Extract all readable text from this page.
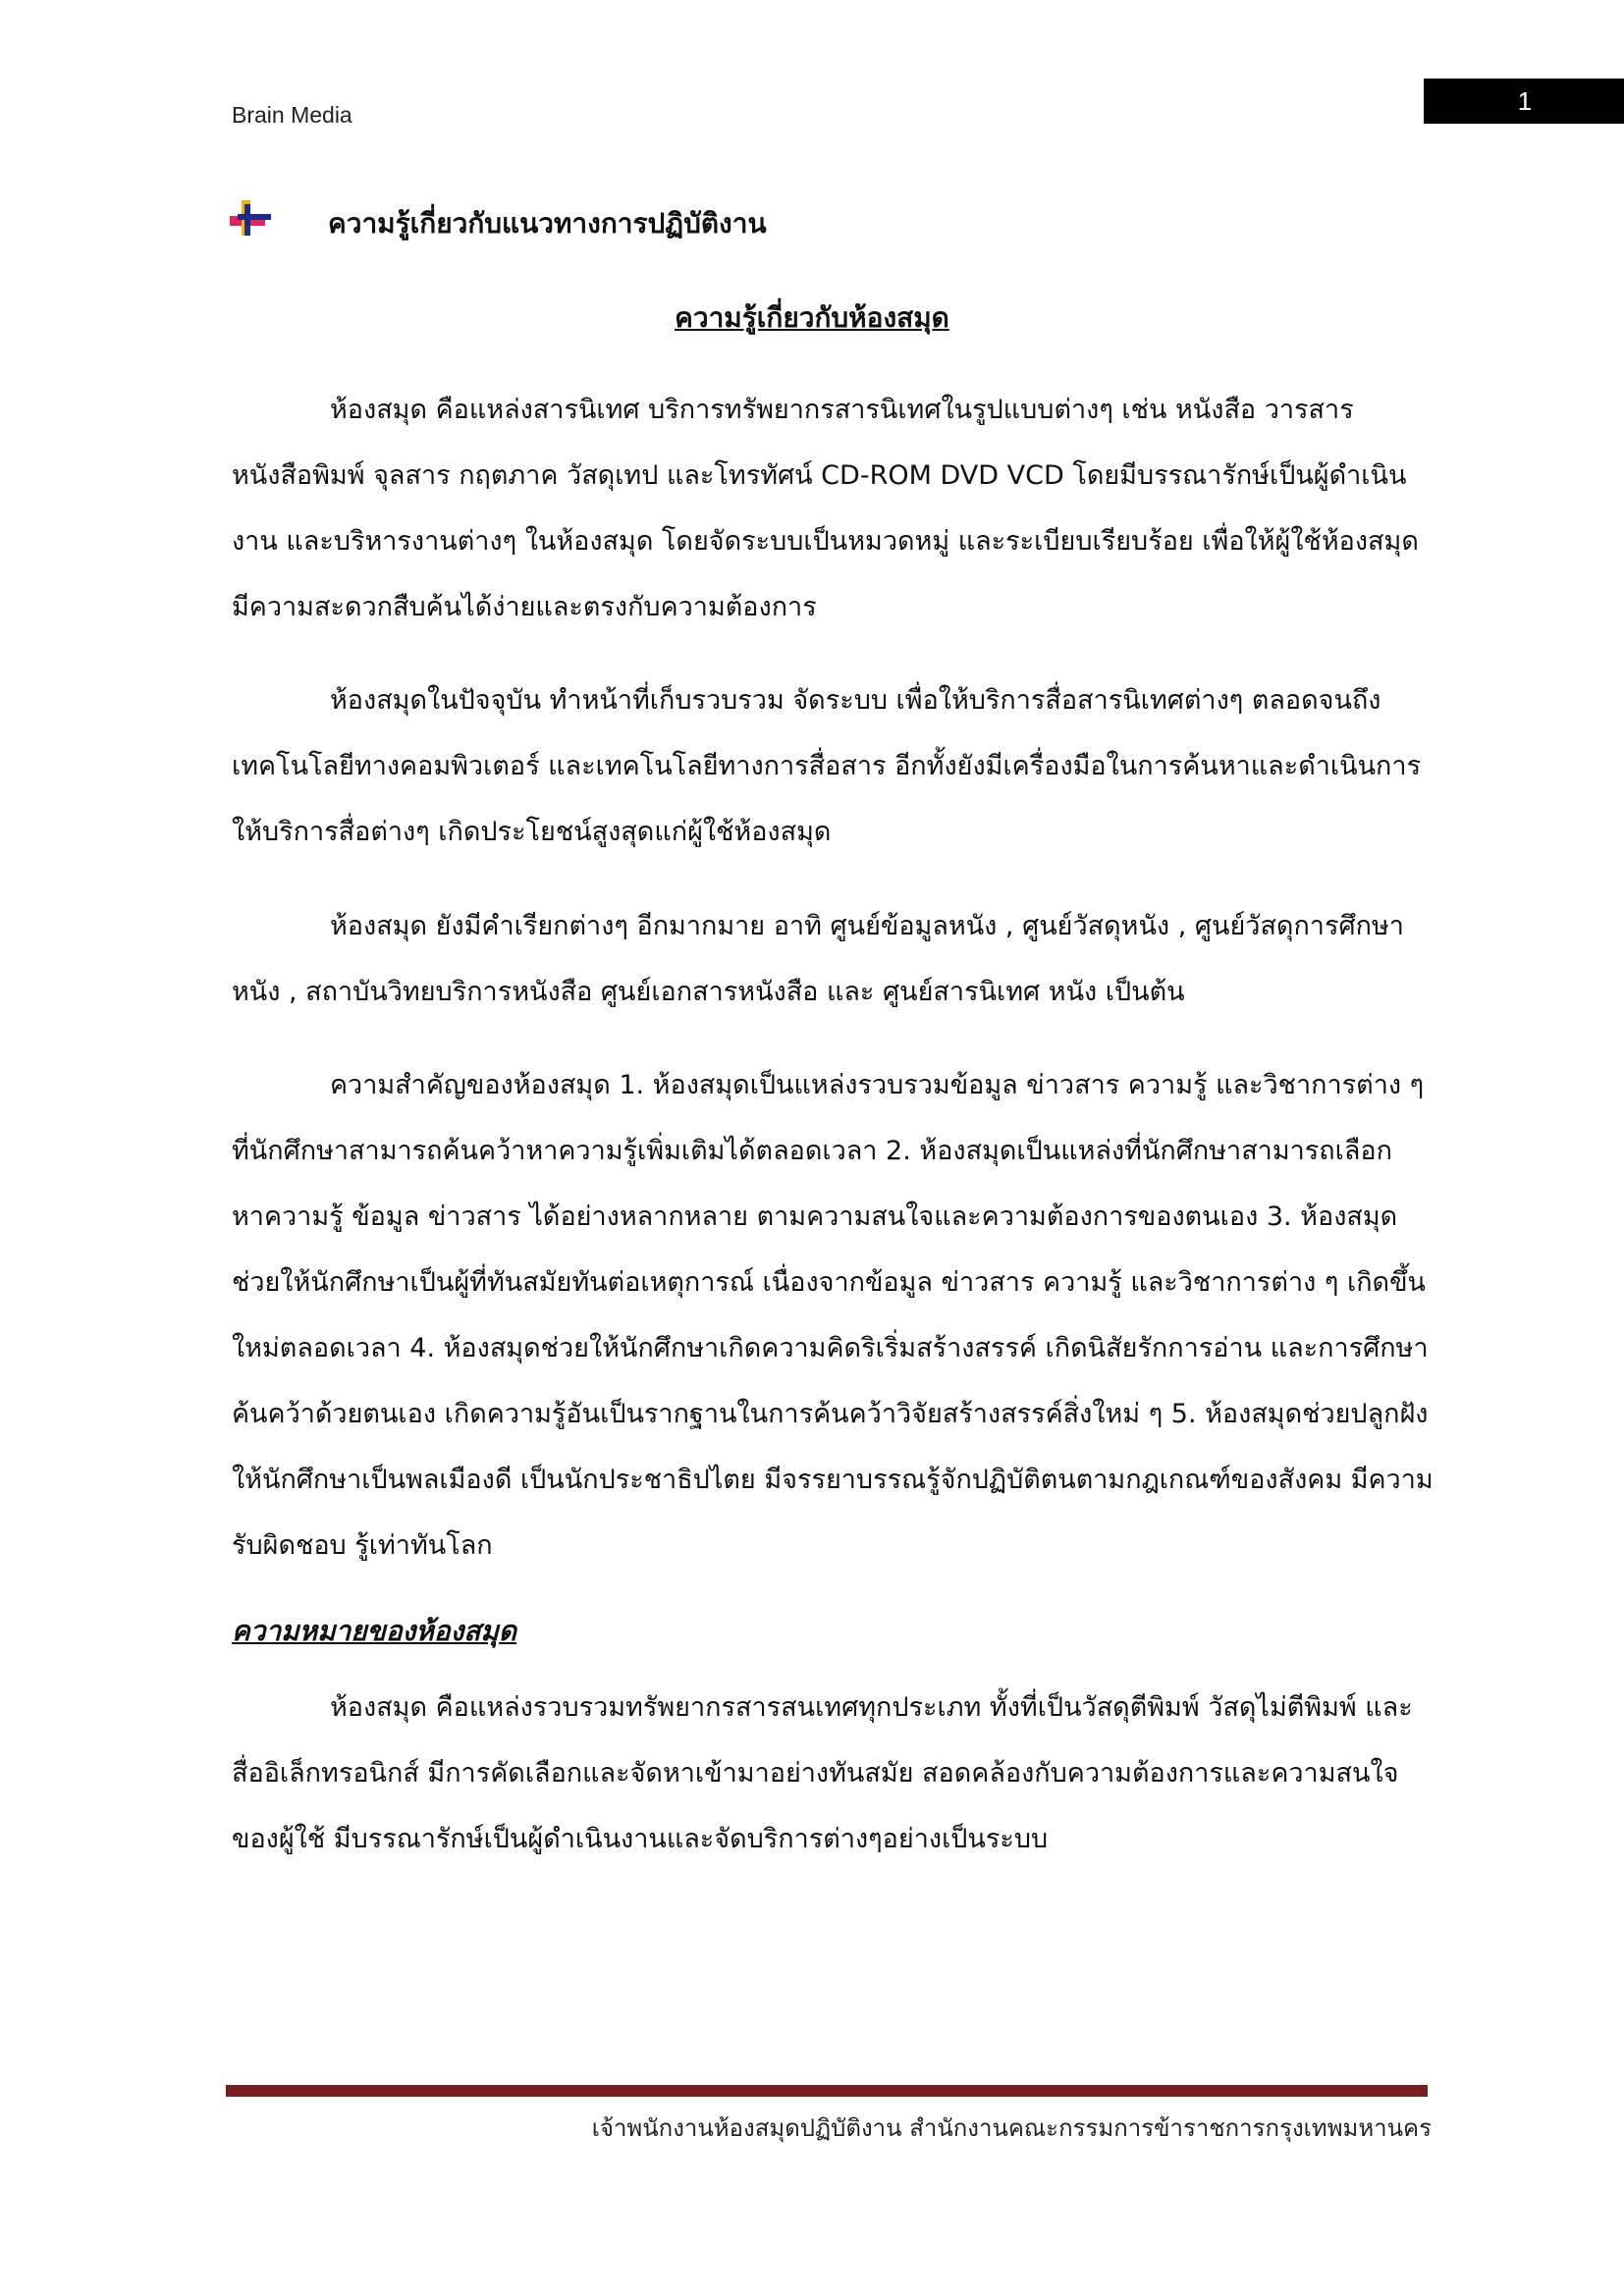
Brain Media	1
ความรู้เกี่ยวกับแนวทางการปฏิบัติงาน
ความรู้เกี่ยวกับห้องสมุด

ห้องสมุด คือแหล่งสารนิเทศ บริการทรัพยากรสารนิเทศในรูปแบบต่างๆ เช่น หนังสือ วารสาร หนังสือพิมพ์ จุลสาร กฤตภาค วัสดุเทป และโทรทัศน์ CD-ROM DVD VCD โดยมีบรรณารักษ์เป็นผู้ดำเนินงาน และบริหารงานต่างๆ ในห้องสมุด โดยจัดระบบเป็นหมวดหมู่ และระเบียบเรียบร้อย เพื่อให้ผู้ใช้ห้องสมุดมีความสะดวกสืบค้นได้ง่ายและตรงกับความต้องการ

ห้องสมุดในปัจจุบัน ทำหน้าที่เก็บรวบรวม จัดระบบ เพื่อให้บริการสื่อสารนิเทศต่างๆ ตลอดจนถึงเทคโนโลยีทางคอมพิวเตอร์ และเทคโนโลยีทางการสื่อสาร อีกทั้งยังมีเครื่องมือในการค้นหาและดำเนินการให้บริการสื่อต่างๆ เกิดประโยชน์สูงสุดแก่ผู้ใช้ห้องสมุด

ห้องสมุด ยังมีคำเรียกต่างๆ อีกมากมาย อาทิ ศูนย์ข้อมูลหนัง , ศูนย์วัสดุหนัง , ศูนย์วัสดุการศึกษาหนัง , สถาบันวิทยบริการหนังสือ ศูนย์เอกสารหนังสือ และ ศูนย์สารนิเทศ หนัง เป็นต้น

ความสำคัญของห้องสมุด 1. ห้องสมุดเป็นแหล่งรวบรวมข้อมูล ข่าวสาร ความรู้ และวิชาการต่าง ๆ ที่นักศึกษาสามารถค้นคว้าหาความรู้เพิ่มเติมได้ตลอดเวลา 2. ห้องสมุดเป็นแหล่งที่นักศึกษาสามารถเลือกหาความรู้ ข้อมูล ข่าวสาร ได้อย่างหลากหลาย ตามความสนใจและความต้องการของตนเอง 3. ห้องสมุดช่วยให้นักศึกษาเป็นผู้ที่ทันสมัยทันต่อเหตุการณ์ เนื่องจากข้อมูล ข่าวสาร ความรู้ และวิชาการต่าง ๆ เกิดขึ้นใหม่ตลอดเวลา 4. ห้องสมุดช่วยให้นักศึกษาเกิดความคิดริเริ่มสร้างสรรค์ เกิดนิสัยรักการอ่าน และการศึกษาค้นคว้าด้วยตนเอง เกิดความรู้อันเป็นรากฐานในการค้นคว้าวิจัยสร้างสรรค์สิ่งใหม่ ๆ 5. ห้องสมุดช่วยปลูกฝังให้นักศึกษาเป็นพลเมืองดี เป็นนักประชาธิปไตย มีจรรยาบรรณรู้จักปฏิบัติตนตามกฎเกณฑ์ของสังคม มีความรับผิดชอบ รู้เท่าทันโลก

ความหมายของห้องสมุด

ห้องสมุด คือแหล่งรวบรวมทรัพยากรสารสนเทศทุกประเภท ทั้งที่เป็นวัสดุตีพิมพ์ วัสดุไม่ตีพิมพ์ และสื่ออิเล็กทรอนิกส์ มีการคัดเลือกและจัดหาเข้ามาอย่างทันสมัย สอดคล้องกับความต้องการและความสนใจของผู้ใช้ มีบรรณารักษ์เป็นผู้ดำเนินงานและจัดบริการต่างๆอย่างเป็นระบบ

เจ้าพนักงานห้องสมุดปฏิบัติงาน สำนักงานคณะกรรมการข้าราชการกรุงเทพมหานคร
